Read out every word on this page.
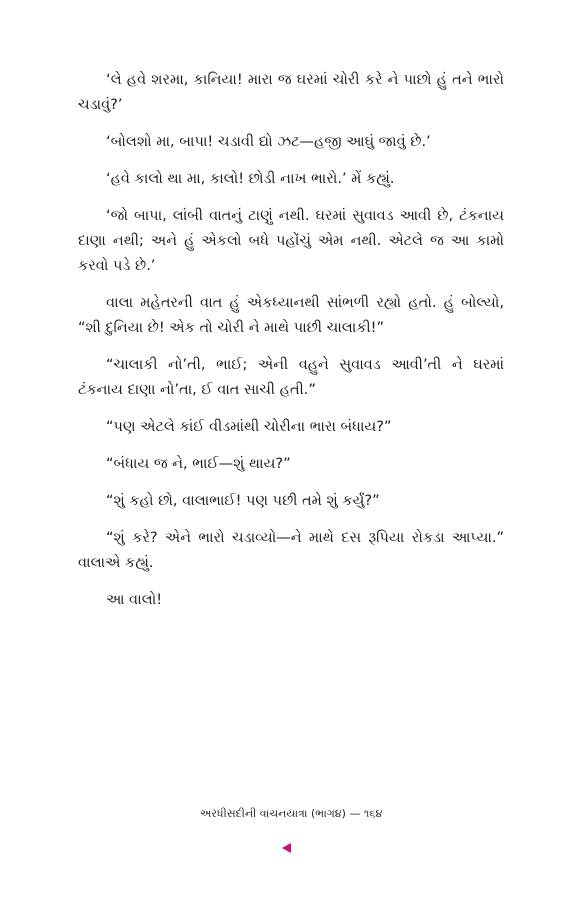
‘લે હવે શરમા, કાનિયા! મારા જ ઘરમાં ચોરી કરે ને પાછો હું તને ભારો ચડાવું?’

‘બોલશો મા, બાપા! ચડાવી દ્યો ઝટ—હજી આઘું જાવું છે.’

‘હવે કાલો થા મા, કાલો! છોડી નાખ ભારો.’ મેં કહ્યું.

‘જો બાપા, લાંબી વાતનું ટાણું નથી. ઘરમાં સુવાવડ આવી છે, ટંકનાય દાણા નથી; અને હું એકલો બધે પહોંચું એમ નથી. એટલે જ આ કામો કરવો પડે છે.’

વાલા મહેતરની વાત હું એકધ્યાનથી સાંભળી રહ્યો હતો. હું બોલ્યો, “શી દુનિયા છે! એક તો ચોરી ને માથે પાછી ચાલાકી!”

“ચાલાકી નો’તી, ભાઈ; એની વહુને સુવાવડ આવી’તી ને ઘરમાં ટંકનાય દાણા નો’તા, ઈ વાત સાચી હતી.”

“પણ એટલે કાંઈ વીડમાંથી ચોરીના ભારા બંધાય?”

“બંધાય જ ને, ભાઈ—શું થાય?”

“શું કહો છો, વાલાભાઈ! પણ પછી તમે શું કર્યું?”

“શું કરે? એને ભારો ચડાવ્યો—ને માથે દસ રૂપિયા રોકડા આપ્યા.” વાલાએ કહ્યું.

આ વાલો!

અરધીસદીની વાચનયાત્રા (ભાગ૪) — ૧૬૪
